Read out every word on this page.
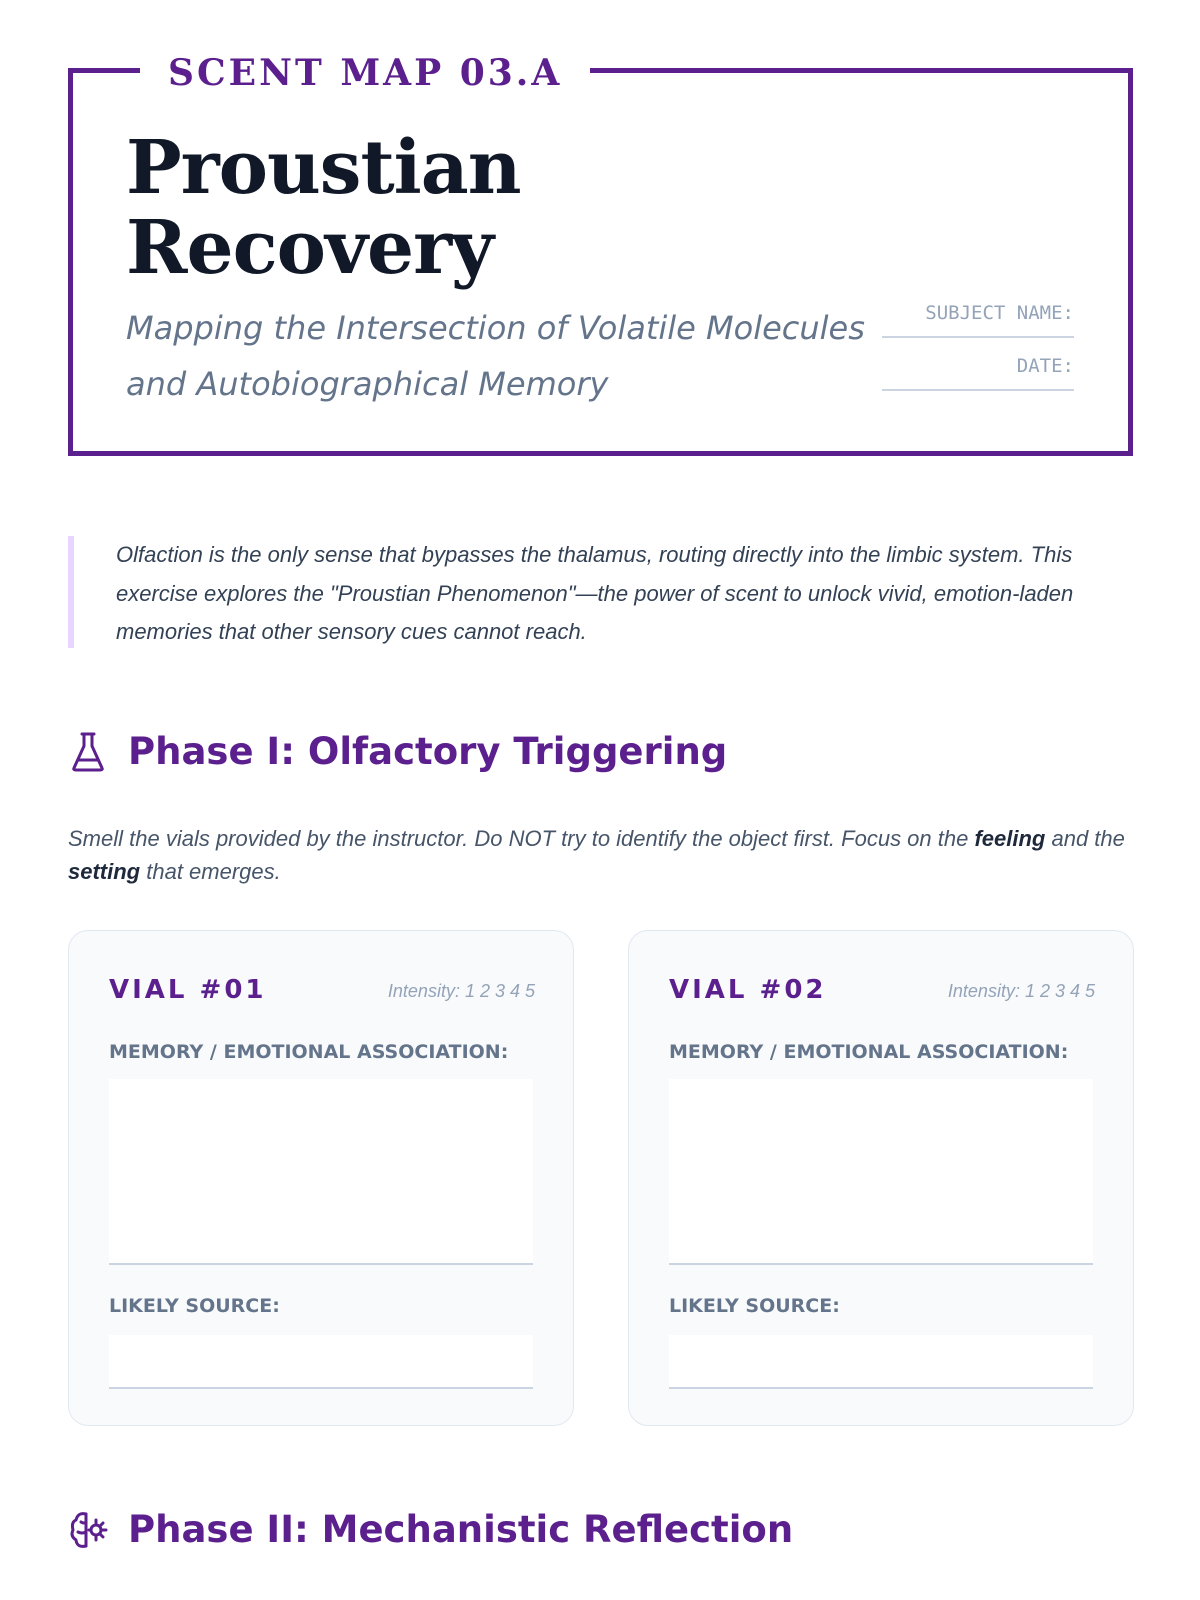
SCENT MAP 03.A
Proustian
Recovery
Mapping the Intersection of Volatile Molecules and Autobiographical Memory
SUBJECT NAME:
DATE:
Olfaction is the only sense that bypasses the thalamus, routing directly into the limbic system. This exercise explores the "Proustian Phenomenon"—the power of scent to unlock vivid, emotion-laden memories that other sensory cues cannot reach.
Phase I: Olfactory Triggering
Smell the vials provided by the instructor. Do NOT try to identify the object first. Focus on the feeling and the setting that emerges.
VIAL #01	Intensity: 1 2 3 4 5
MEMORY / EMOTIONAL ASSOCIATION:
LIKELY SOURCE:
VIAL #02	Intensity: 1 2 3 4 5
MEMORY / EMOTIONAL ASSOCIATION:
LIKELY SOURCE:
Phase II: Mechanistic Reflection
